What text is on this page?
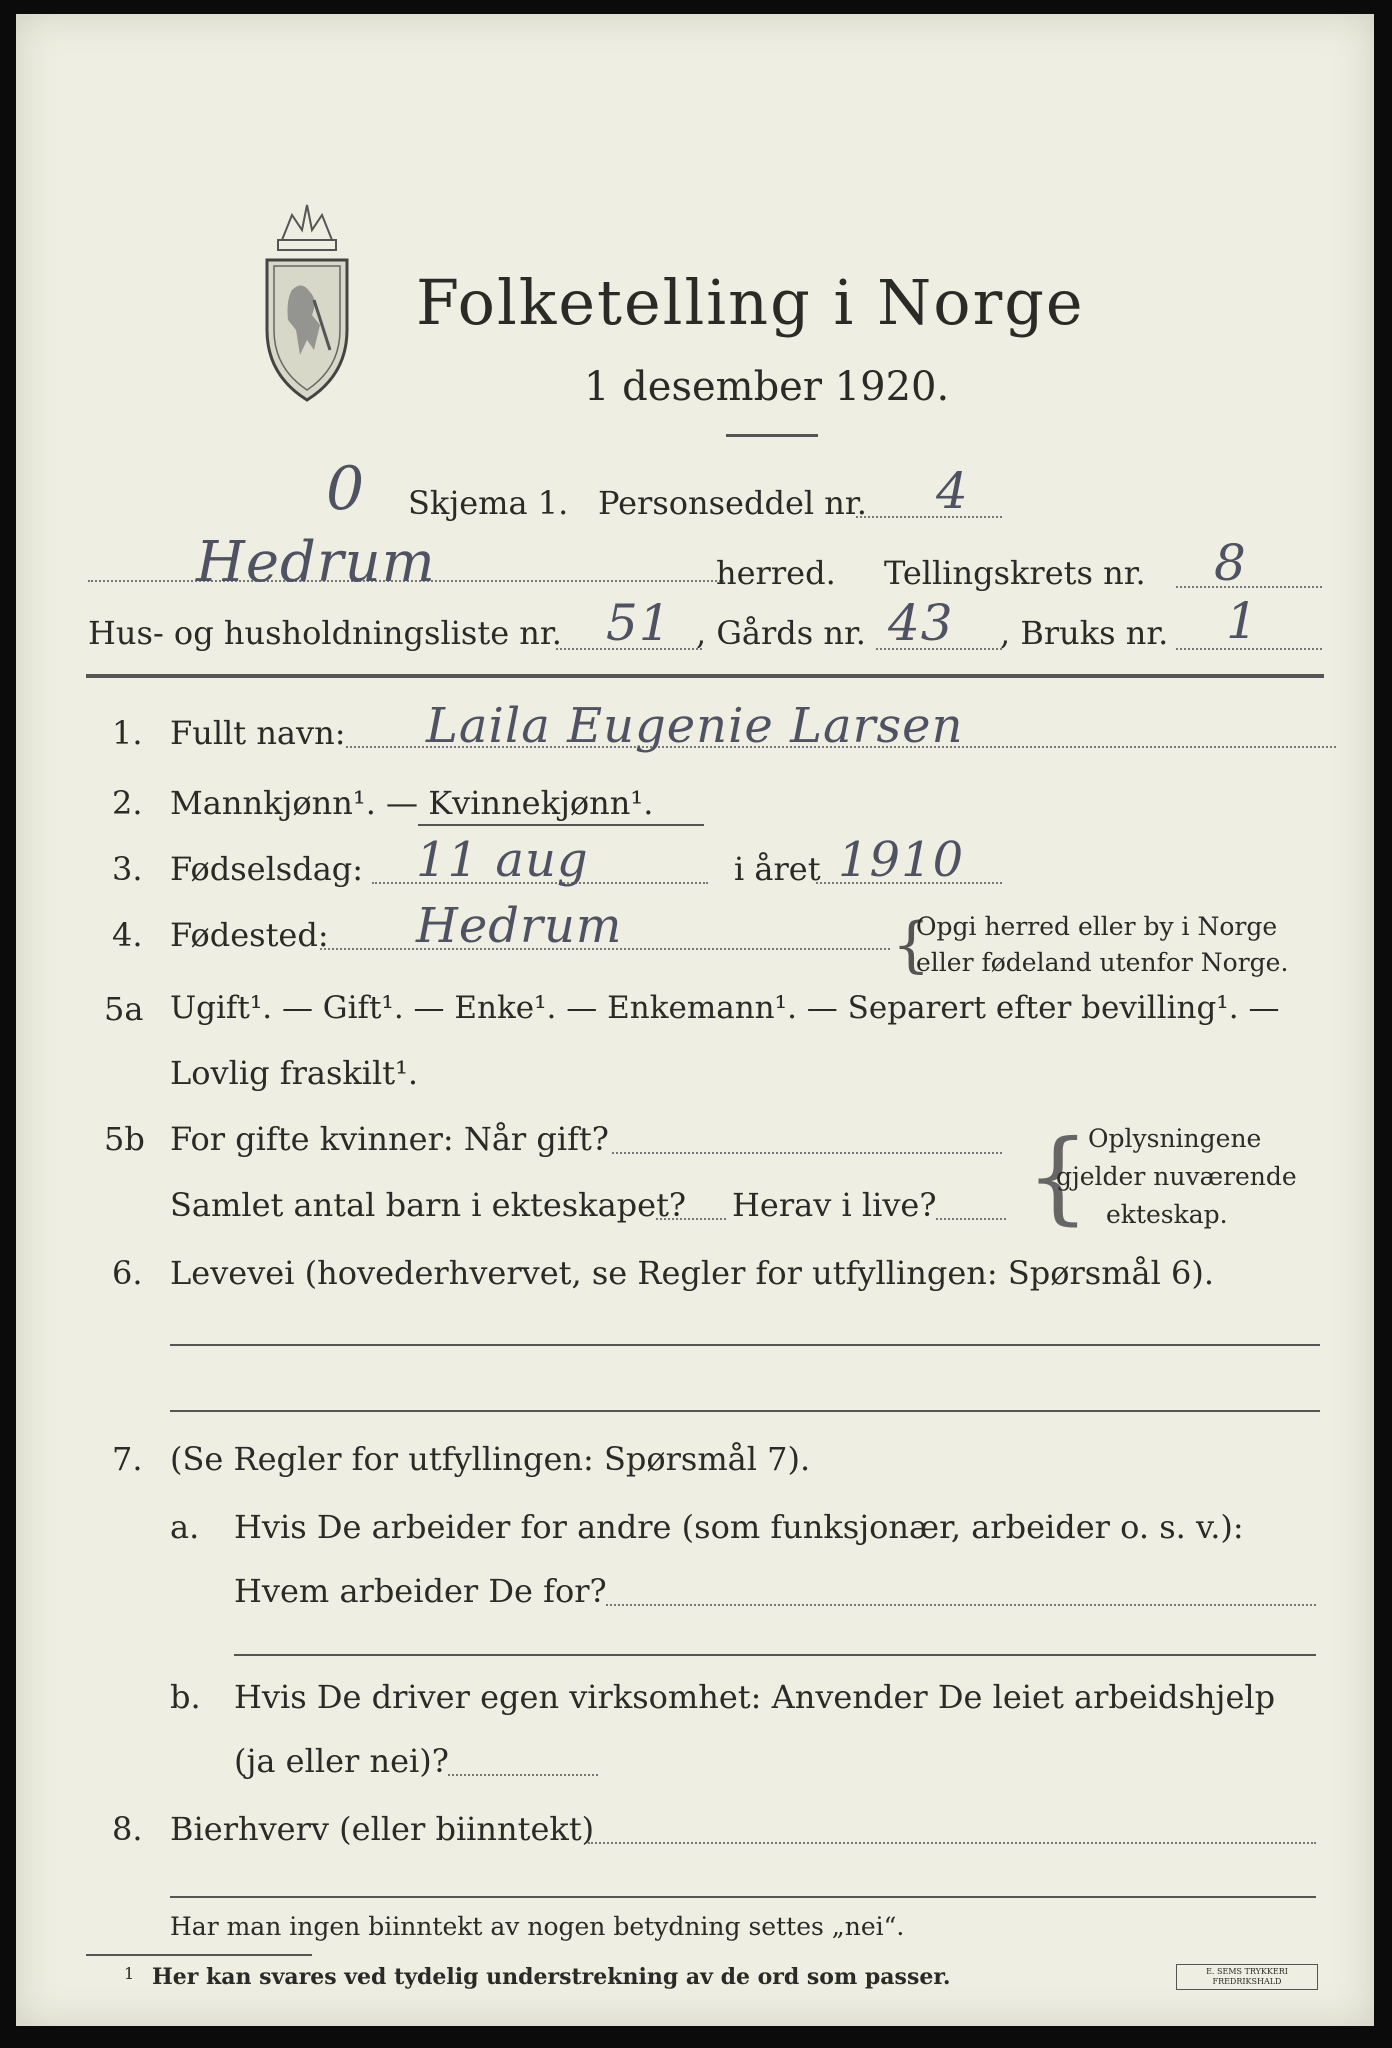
Folketelling i Norge
1 desember 1920.
0 Skjema 1. Personseddel nr. 4
Hedrum	herred. Tellingskrets nr. 8
Hus- og husholdningsliste nr. 51 , Gårds nr. 43 , Bruks nr. 1
1. Fullt navn: Laila Eugenie Larsen
2. Mannkjønn¹. — Kvinnekjønn¹.
3. Fødselsdag: 11 aug	i året 1910
4. Fødested: Hedrum	{
Opgi herred eller by i Norge
eller fødeland utenfor Norge.
5a Ugift¹. — Gift¹. — Enke¹. — Enkemann¹. — Separert efter bevilling¹. —
Lovlig fraskilt¹.
5b For gifte kvinner: Når gift?
Samlet antal barn i ekteskapet? Herav i live? {
Oplysningene
gjelder nuværende
ekteskap.
6. Levevei (hovederhvervet, se Regler for utfyllingen: Spørsmål 6).
7. (Se Regler for utfyllingen: Spørsmål 7).
a. Hvis De arbeider for andre (som funksjonær, arbeider o. s. v.):
Hvem arbeider De for?
b. Hvis De driver egen virksomhet: Anvender De leiet arbeidshjelp
(ja eller nei)?
8. Bierhverv (eller biinntekt)
Har man ingen biinntekt av nogen betydning settes „nei“.
1 Her kan svares ved tydelig understrekning av de ord som passer.	E. SEMS TRYKKERI FREDRIKSHALD
